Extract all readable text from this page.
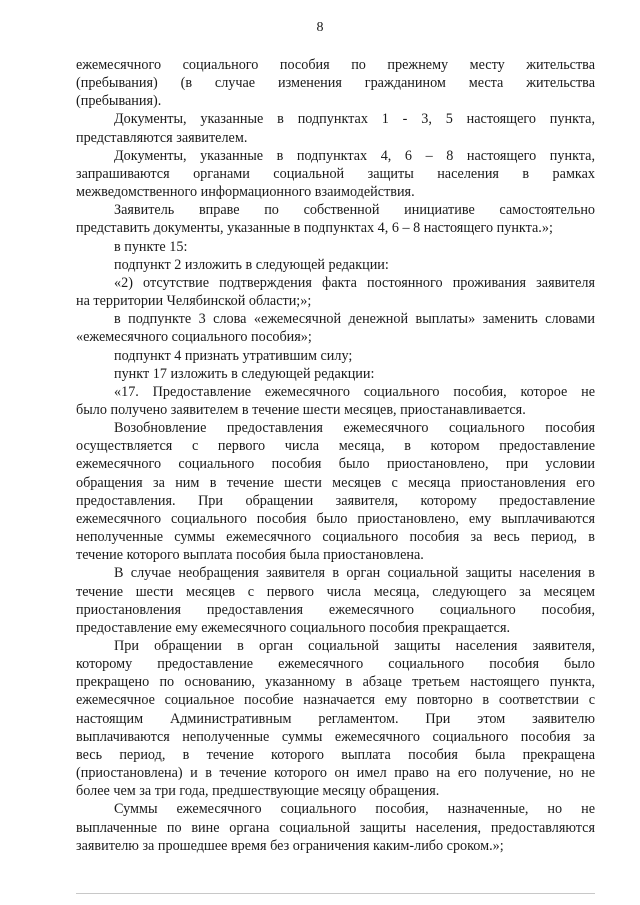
8

ежемесячного социального пособия по прежнему месту жительства
(пребывания) (в случае изменения гражданином места жительства
(пребывания).

Документы, указанные в подпунктах 1 - 3, 5 настоящего пункта,
представляются заявителем.

Документы, указанные в подпунктах 4, 6 – 8 настоящего пункта,
запрашиваются органами социальной защиты населения в рамках
межведомственного информационного взаимодействия.

Заявитель вправе по собственной инициативе самостоятельно
представить документы, указанные в подпунктах 4, 6 – 8 настоящего пункта.»;

в пункте 15:

подпункт 2 изложить в следующей редакции:

«2) отсутствие подтверждения факта постоянного проживания заявителя
на территории Челябинской области;»;

в подпункте 3 слова «ежемесячной денежной выплаты» заменить словами
«ежемесячного социального пособия»;

подпункт 4 признать утратившим силу;

пункт 17 изложить в следующей редакции:

«17. Предоставление ежемесячного социального пособия, которое не
было получено заявителем в течение шести месяцев, приостанавливается.

Возобновление предоставления ежемесячного социального пособия
осуществляется с первого числа месяца, в котором предоставление
ежемесячного социального пособия было приостановлено, при условии
обращения за ним в течение шести месяцев с месяца приостановления его
предоставления. При обращении заявителя, которому предоставление
ежемесячного социального пособия было приостановлено, ему выплачиваются
неполученные суммы ежемесячного социального пособия за весь период, в
течение которого выплата пособия была приостановлена.

В случае необращения заявителя в орган социальной защиты населения в
течение шести месяцев с первого числа месяца, следующего за месяцем
приостановления предоставления ежемесячного социального пособия,
предоставление ему ежемесячного социального пособия прекращается.

При обращении в орган социальной защиты населения заявителя,
которому предоставление ежемесячного социального пособия было
прекращено по основанию, указанному в абзаце третьем настоящего пункта,
ежемесячное социальное пособие назначается ему повторно в соответствии с
настоящим Административным регламентом. При этом заявителю
выплачиваются неполученные суммы ежемесячного социального пособия за
весь период, в течение которого выплата пособия была прекращена
(приостановлена) и в течение которого он имел право на его получение, но не
более чем за три года, предшествующие месяцу обращения.

Суммы ежемесячного социального пособия, назначенные, но не
выплаченные по вине органа социальной защиты населения, предоставляются
заявителю за прошедшее время без ограничения каким-либо сроком.»;
